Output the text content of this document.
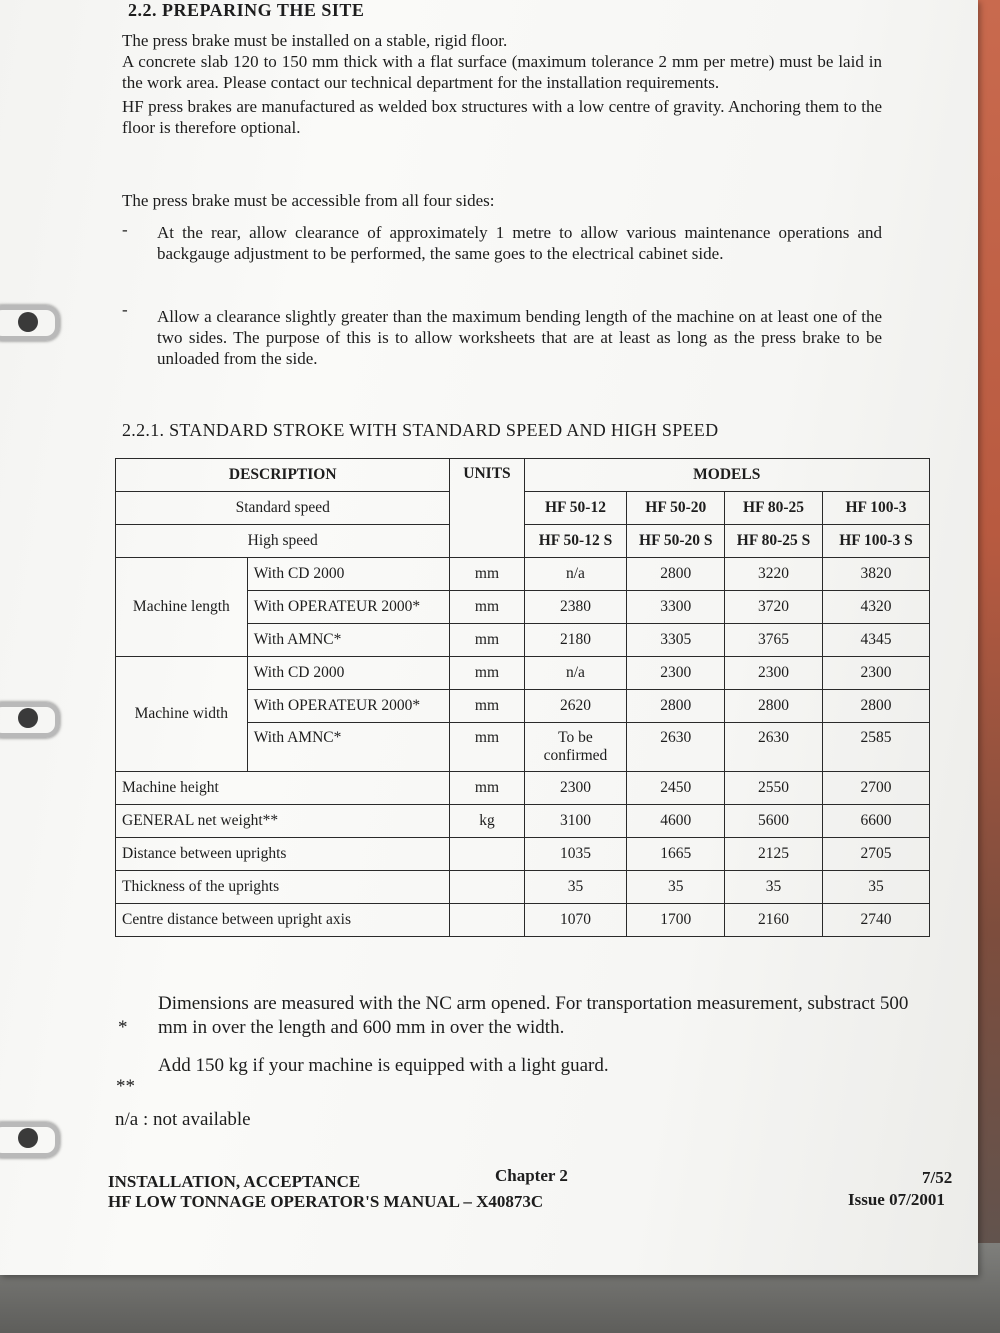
2.2. PREPARING THE SITE

The press brake must be installed on a stable, rigid floor.

A concrete slab 120 to 150 mm thick with a flat surface (maximum tolerance 2 mm per metre) must be laid in the work area. Please contact our technical department for the installation requirements.

HF press brakes are manufactured as welded box structures with a low centre of gravity. Anchoring them to the floor is therefore optional.

The press brake must be accessible from all four sides:
- At the rear, allow clearance of approximately 1 metre to allow various maintenance operations and backgauge adjustment to be performed, the same goes to the electrical cabinet side.
- Allow a clearance slightly greater than the maximum bending length of the machine on at least one of the two sides. The purpose of this is to allow worksheets that are at least as long as the press brake to be unloaded from the side.
2.2.1. STANDARD STROKE WITH STANDARD SPEED AND HIGH SPEED
DESCRIPTION		UNITS	MODELS			
Standard speed			HF 50-12	HF 50-20	HF 80-25	HF 100-3
High speed			HF 50-12 S	HF 50-20 S	HF 80-25 S	HF 100-3 S
Machine length	With CD 2000	mm	n/a	2800	3220	3820
	With OPERATEUR 2000*	mm	2380	3300	3720	4320
	With AMNC*	mm	2180	3305	3765	4345
Machine width	With CD 2000	mm	n/a	2300	2300	2300
	With OPERATEUR 2000*	mm	2620	2800	2800	2800
	With AMNC*	mm	To be confirmed	2630	2630	2585
Machine height		mm	2300	2450	2550	2700
GENERAL net weight**		kg	3100	4600	5600	6600
Distance between uprights			1035	1665	2125	2705
Thickness of the uprights			35	35	35	35
Centre distance between upright axis			1070	1700	2160	2740
*
Dimensions are measured with the NC arm opened. For transportation measurement, substract 500 mm in over the length and 600 mm in over the width.
**
Add 150 kg if your machine is equipped with a light guard.
n/a : not available
INSTALLATION, ACCEPTANCE
HF LOW TONNAGE OPERATOR'S MANUAL – X40873C
Chapter 2	7/52
Issue 07/2001
